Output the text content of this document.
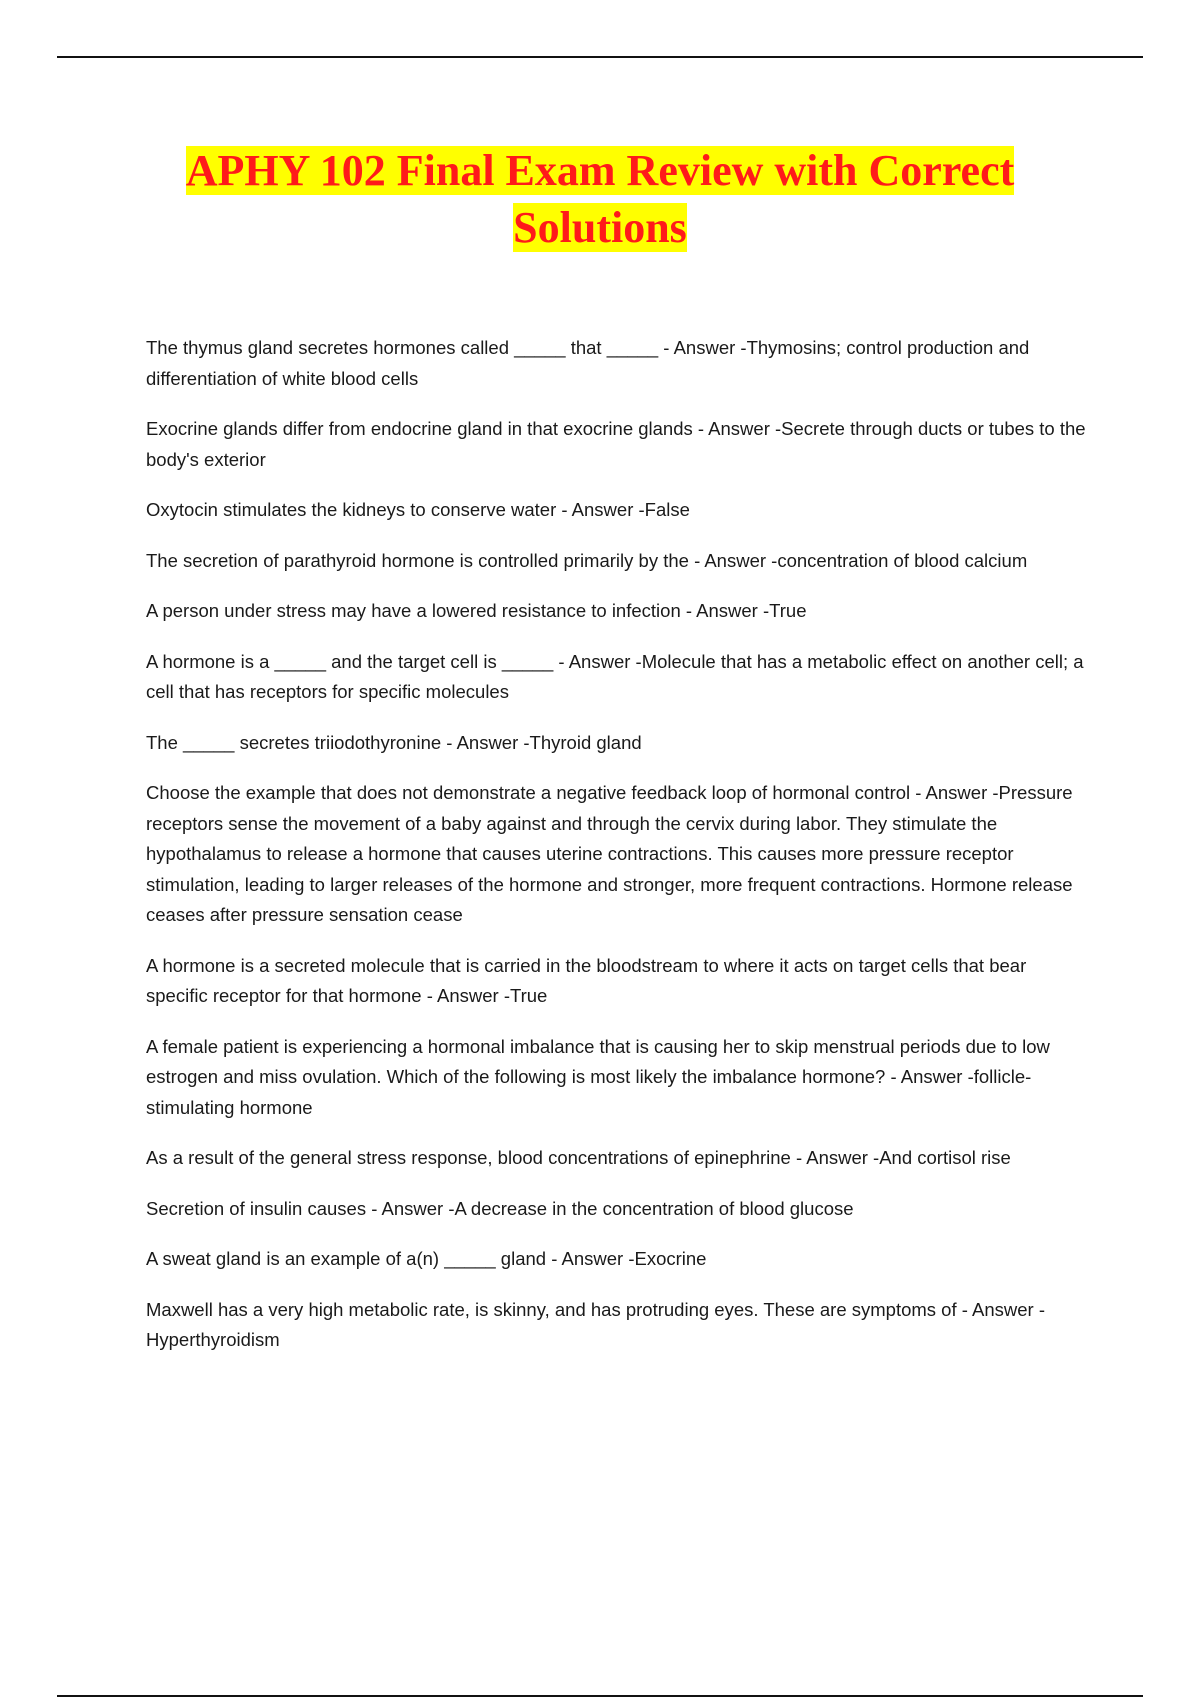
APHY 102 Final Exam Review with Correct Solutions
The thymus gland secretes hormones called _____ that _____ - Answer -Thymosins; control production and differentiation of white blood cells
Exocrine glands differ from endocrine gland in that exocrine glands - Answer -Secrete through ducts or tubes to the body's exterior
Oxytocin stimulates the kidneys to conserve water - Answer -False
The secretion of parathyroid hormone is controlled primarily by the - Answer -concentration of blood calcium
A person under stress may have a lowered resistance to infection - Answer -True
A hormone is a _____ and the target cell is _____ - Answer -Molecule that has a metabolic effect on another cell; a cell that has receptors for specific molecules
The _____ secretes triiodothyronine - Answer -Thyroid gland
Choose the example that does not demonstrate a negative feedback loop of hormonal control - Answer -Pressure receptors sense the movement of a baby against and through the cervix during labor. They stimulate the hypothalamus to release a hormone that causes uterine contractions. This causes more pressure receptor stimulation, leading to larger releases of the hormone and stronger, more frequent contractions. Hormone release ceases after pressure sensation cease
A hormone is a secreted molecule that is carried in the bloodstream to where it acts on target cells that bear specific receptor for that hormone - Answer -True
A female patient is experiencing a hormonal imbalance that is causing her to skip menstrual periods due to low estrogen and miss ovulation. Which of the following is most likely the imbalance hormone? - Answer -follicle-stimulating hormone
As a result of the general stress response, blood concentrations of epinephrine - Answer -And cortisol rise
Secretion of insulin causes - Answer -A decrease in the concentration of blood glucose
A sweat gland is an example of a(n) _____ gland - Answer -Exocrine
Maxwell has a very high metabolic rate, is skinny, and has protruding eyes. These are symptoms of - Answer -Hyperthyroidism
